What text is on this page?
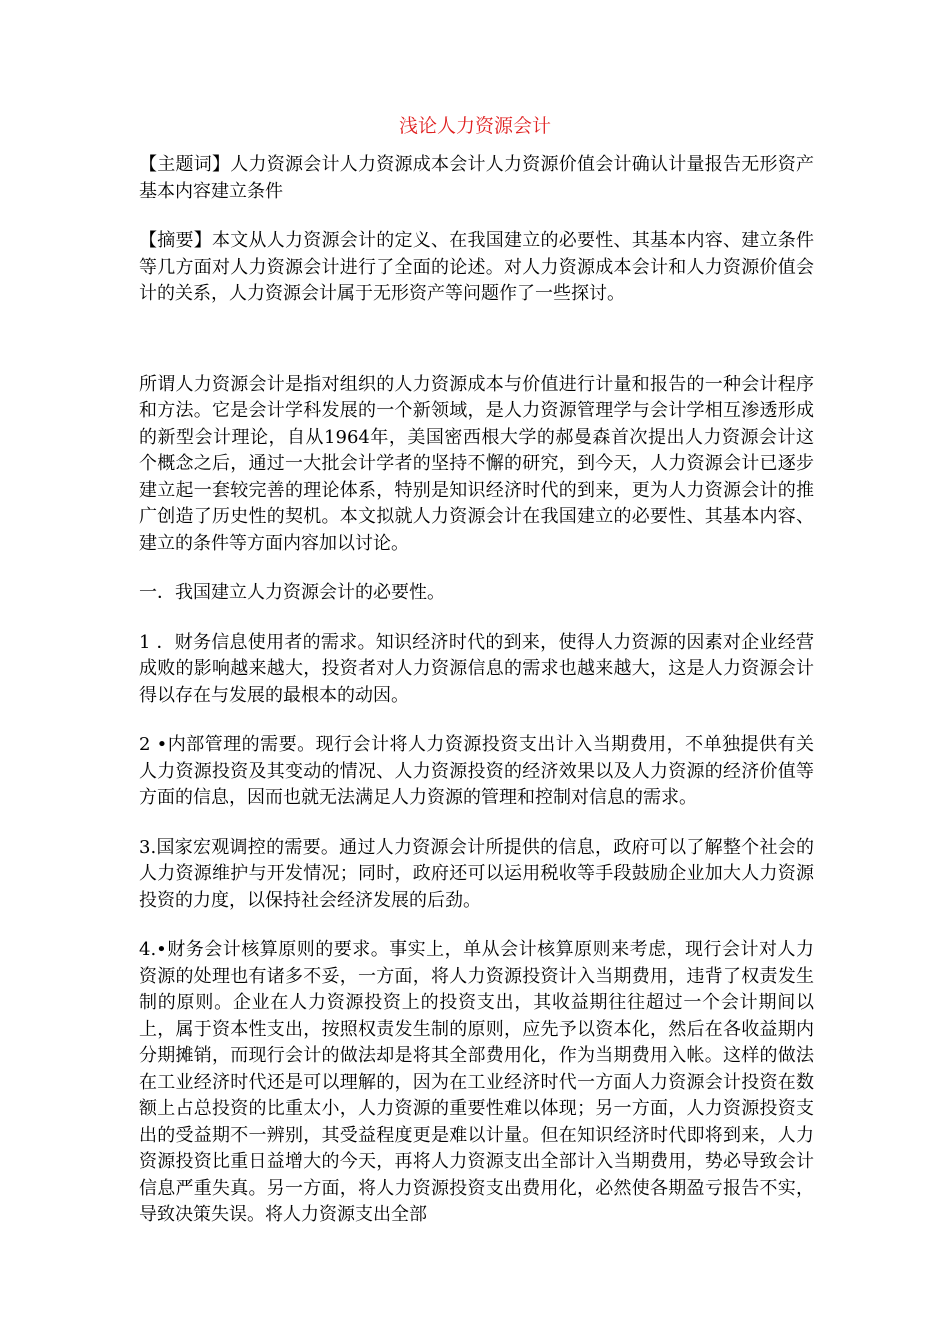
浅论人力资源会计

【主题词】人力资源会计人力资源成本会计人力资源价值会计确认计量报告无形资产基本内容建立条件

【摘要】本文从人力资源会计的定义、在我国建立的必要性、其基本内容、建立条件等几方面对人力资源会计进行了全面的论述。对人力资源成本会计和人力资源价值会计的关系，人力资源会计属于无形资产等问题作了一些探讨。

所谓人力资源会计是指对组织的人力资源成本与价值进行计量和报告的一种会计程序和方法。它是会计学科发展的一个新领域，是人力资源管理学与会计学相互渗透形成的新型会计理论，自从1964年，美国密西根大学的郝曼森首次提出人力资源会计这个概念之后，通过一大批会计学者的坚持不懈的研究，到今天，人力资源会计已逐步建立起一套较完善的理论体系，特别是知识经济时代的到来，更为人力资源会计的推广创造了历史性的契机。本文拟就人力资源会计在我国建立的必要性、其基本内容、建立的条件等方面内容加以讨论。

一．我国建立人力资源会计的必要性。

1 ．财务信息使用者的需求。知识经济时代的到来，使得人力资源的因素对企业经营成败的影响越来越大，投资者对人力资源信息的需求也越来越大，这是人力资源会计得以存在与发展的最根本的动因。

2 •内部管理的需要。现行会计将人力资源投资支出计入当期费用，不单独提供有关人力资源投资及其变动的情况、人力资源投资的经济效果以及人力资源的经济价值等方面的信息，因而也就无法满足人力资源的管理和控制对信息的需求。

3.国家宏观调控的需要。通过人力资源会计所提供的信息，政府可以了解整个社会的人力资源维护与开发情况；同时，政府还可以运用税收等手段鼓励企业加大人力资源投资的力度，以保持社会经济发展的后劲。

4.•财务会计核算原则的要求。事实上，单从会计核算原则来考虑，现行会计对人力资源的处理也有诸多不妥，一方面，将人力资源投资计入当期费用，违背了权责发生制的原则。企业在人力资源投资上的投资支出，其收益期往往超过一个会计期间以上，属于资本性支出，按照权责发生制的原则，应先予以资本化，然后在各收益期内分期摊销，而现行会计的做法却是将其全部费用化，作为当期费用入帐。这样的做法在工业经济时代还是可以理解的，因为在工业经济时代一方面人力资源会计投资在数额上占总投资的比重太小，人力资源的重要性难以体现；另一方面，人力资源投资支出的受益期不一辨别，其受益程度更是难以计量。但在知识经济时代即将到来，人力资源投资比重日益增大的今天，再将人力资源支出全部计入当期费用，势必导致会计信息严重失真。另一方面，将人力资源投资支出费用化，必然使各期盈亏报告不实，导致决策失误。将人力资源支出全部
